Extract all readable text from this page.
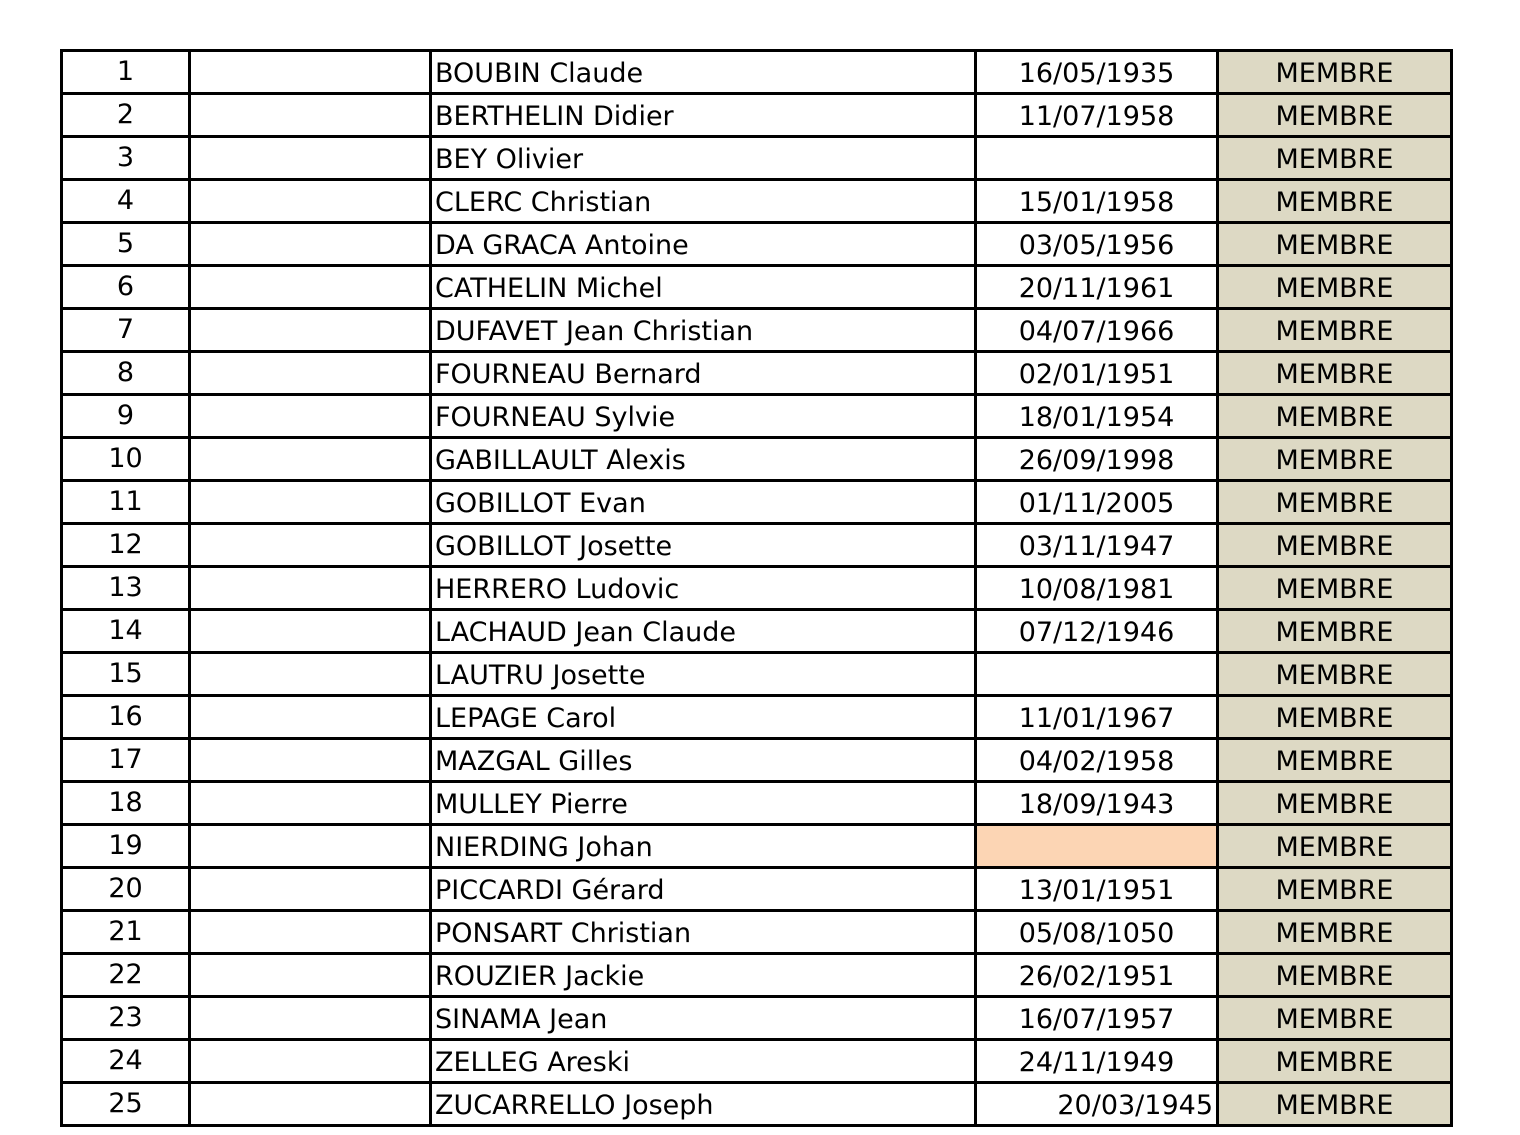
1		BOUBIN Claude	16/05/1935	MEMBRE
2		BERTHELIN Didier	11/07/1958	MEMBRE
3		BEY Olivier		MEMBRE
4		CLERC Christian	15/01/1958	MEMBRE
5		DA GRACA Antoine	03/05/1956	MEMBRE
6		CATHELIN Michel	20/11/1961	MEMBRE
7		DUFAVET Jean Christian	04/07/1966	MEMBRE
8		FOURNEAU Bernard	02/01/1951	MEMBRE
9		FOURNEAU Sylvie	18/01/1954	MEMBRE
10		GABILLAULT Alexis	26/09/1998	MEMBRE
11		GOBILLOT Evan	01/11/2005	MEMBRE
12		GOBILLOT Josette	03/11/1947	MEMBRE
13		HERRERO Ludovic	10/08/1981	MEMBRE
14		LACHAUD Jean Claude	07/12/1946	MEMBRE
15		LAUTRU Josette		MEMBRE
16		LEPAGE Carol	11/01/1967	MEMBRE
17		MAZGAL Gilles	04/02/1958	MEMBRE
18		MULLEY Pierre	18/09/1943	MEMBRE
19		NIERDING Johan		MEMBRE
20		PICCARDI Gérard	13/01/1951	MEMBRE
21		PONSART Christian	05/08/1050	MEMBRE
22		ROUZIER Jackie	26/02/1951	MEMBRE
23		SINAMA Jean	16/07/1957	MEMBRE
24		ZELLEG Areski	24/11/1949	MEMBRE
25		ZUCARRELLO Joseph	20/03/1945	MEMBRE
